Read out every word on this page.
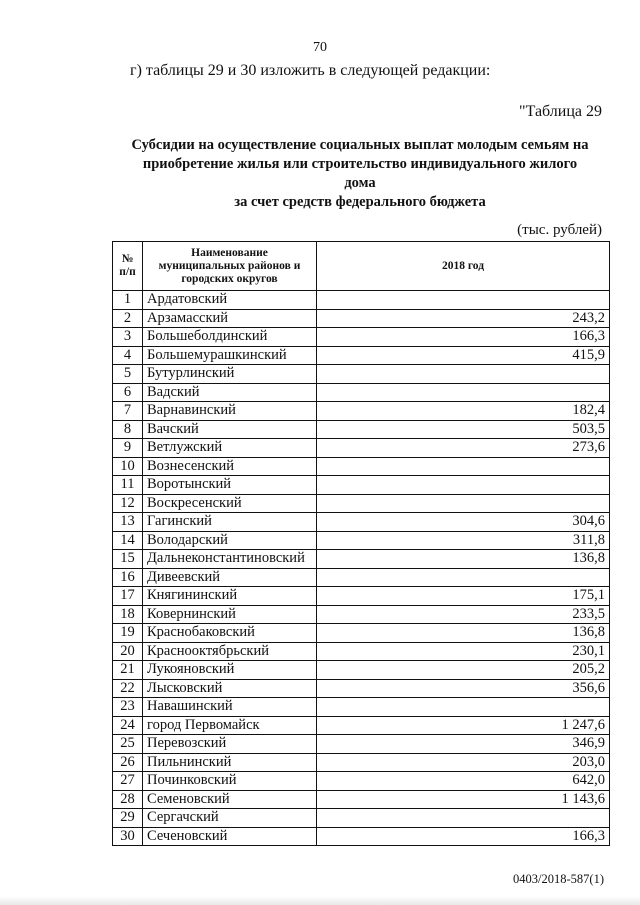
70
г) таблицы 29 и 30 изложить в следующей редакции:
"Таблица 29
Субсидии на осуществление социальных выплат молодым семьям на
приобретение жилья или строительство индивидуального жилого
дома
за счет средств федерального бюджета
(тыс. рублей)
№ п/п	Наименование муниципальных районов и городских округов	2018 год
1	Ардатовский	
2	Арзамасский	243,2
3	Большеболдинский	166,3
4	Большемурашкинский	415,9
5	Бутурлинский	
6	Вадский	
7	Варнавинский	182,4
8	Вачский	503,5
9	Ветлужский	273,6
10	Вознесенский	
11	Воротынский	
12	Воскресенский	
13	Гагинский	304,6
14	Володарский	311,8
15	Дальнеконстантиновский	136,8
16	Дивеевский	
17	Княгининский	175,1
18	Ковернинский	233,5
19	Краснобаковский	136,8
20	Краснооктябрьский	230,1
21	Лукояновский	205,2
22	Лысковский	356,6
23	Навашинский	
24	город Первомайск	1 247,6
25	Перевозский	346,9
26	Пильнинский	203,0
27	Починковский	642,0
28	Семеновский	1 143,6
29	Сергачский	
30	Сеченовский	166,3
0403/2018-587(1)
